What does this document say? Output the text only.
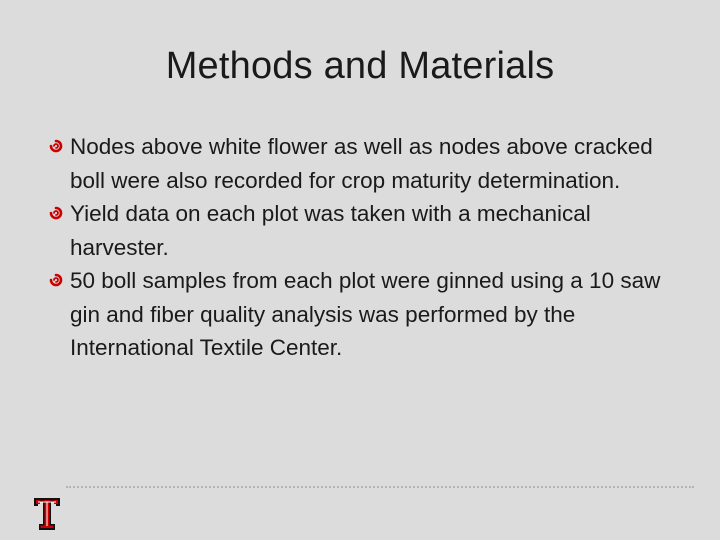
Methods and Materials
Nodes above white flower as well as nodes above cracked boll were also recorded for crop maturity determination.
Yield data on each plot was taken with a mechanical harvester.
50 boll samples from each plot were ginned using a 10 saw gin and fiber quality analysis was performed by the International Textile Center.
